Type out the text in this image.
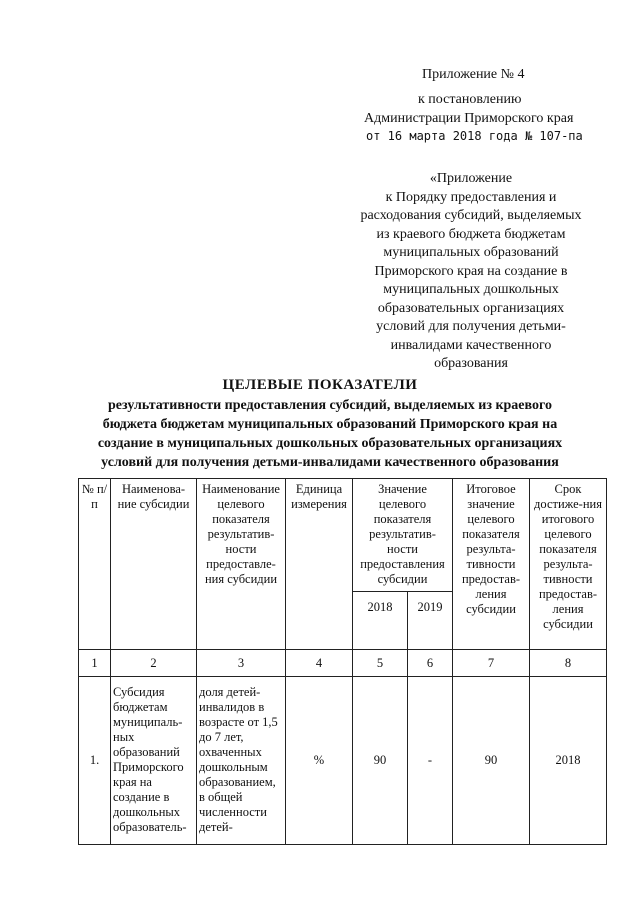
Приложение № 4
к постановлению
Администрации Приморского края
от 16 марта 2018 года № 107-па
«Приложение
к Порядку предоставления и
расходования субсидий, выделяемых
из краевого бюджета бюджетам
муниципальных образований
Приморского края на создание в
муниципальных дошкольных
образовательных организациях
условий для получения детьми-
инвалидами качественного
образования
ЦЕЛЕВЫЕ ПОКАЗАТЕЛИ
результативности предоставления субсидий, выделяемых из краевого
бюджета бюджетам муниципальных образований Приморского края на
создание в муниципальных дошкольных образовательных организациях
условий для получения детьми-инвалидами качественного образования
№ п/п	Наименова-ние субсидии	Наименование целевого показателя результатив-ности предоставле-ния субсидии	Единица измерения	Значение целевого показателя результатив-ности предоставления субсидии		Итоговое значение целевого показателя результа-тивности предостав-ления субсидии	Срок достиже-ния итогового целевого показателя результа-тивности предостав-ления субсидии
				2018	2019		
1	2	3	4	5	6	7	8
1.	Субсидия бюджетам муниципаль-ных образований Приморского края на создание в дошкольных образователь-	доля детей-инвалидов в возрасте от 1,5 до 7 лет, охваченных дошкольным образованием, в общей численности детей-	%	90	-	90	2018
